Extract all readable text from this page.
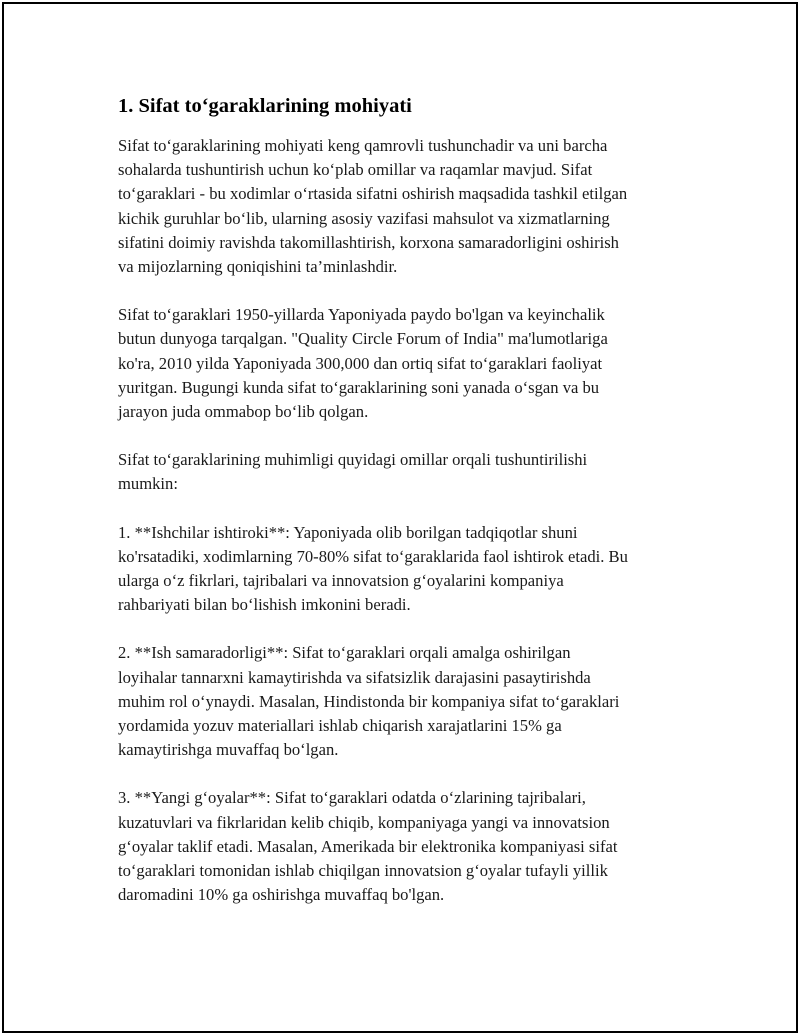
1. Sifat to‘garaklarining mohiyati

Sifat to‘garaklarining mohiyati keng qamrovli tushunchadir va uni barcha
sohalarda tushuntirish uchun ko‘plab omillar va raqamlar mavjud. Sifat
to‘garaklari - bu xodimlar o‘rtasida sifatni oshirish maqsadida tashkil etilgan
kichik guruhlar bo‘lib, ularning asosiy vazifasi mahsulot va xizmatlarning
sifatini doimiy ravishda takomillashtirish, korxona samaradorligini oshirish
va mijozlarning qoniqishini ta’minlashdir.

Sifat to‘garaklari 1950-yillarda Yaponiyada paydo bo'lgan va keyinchalik
butun dunyoga tarqalgan. "Quality Circle Forum of India" ma'lumotlariga
ko'ra, 2010 yilda Yaponiyada 300,000 dan ortiq sifat to‘garaklari faoliyat
yuritgan. Bugungi kunda sifat to‘garaklarining soni yanada o‘sgan va bu
jarayon juda ommabop bo‘lib qolgan.

Sifat to‘garaklarining muhimligi quyidagi omillar orqali tushuntirilishi
mumkin:

1. **Ishchilar ishtiroki**: Yaponiyada olib borilgan tadqiqotlar shuni
ko'rsatadiki, xodimlarning 70-80% sifat to‘garaklarida faol ishtirok etadi. Bu
ularga o‘z fikrlari, tajribalari va innovatsion g‘oyalarini kompaniya
rahbariyati bilan bo‘lishish imkonini beradi.

2. **Ish samaradorligi**: Sifat to‘garaklari orqali amalga oshirilgan
loyihalar tannarxni kamaytirishda va sifatsizlik darajasini pasaytirishda
muhim rol o‘ynaydi. Masalan, Hindistonda bir kompaniya sifat to‘garaklari
yordamida yozuv materiallari ishlab chiqarish xarajatlarini 15% ga
kamaytirishga muvaffaq bo‘lgan.

3. **Yangi g‘oyalar**: Sifat to‘garaklari odatda o‘zlarining tajribalari,
kuzatuvlari va fikrlaridan kelib chiqib, kompaniyaga yangi va innovatsion
g‘oyalar taklif etadi. Masalan, Amerikada bir elektronika kompaniyasi sifat
to‘garaklari tomonidan ishlab chiqilgan innovatsion g‘oyalar tufayli yillik
daromadini 10% ga oshirishga muvaffaq bo'lgan.
